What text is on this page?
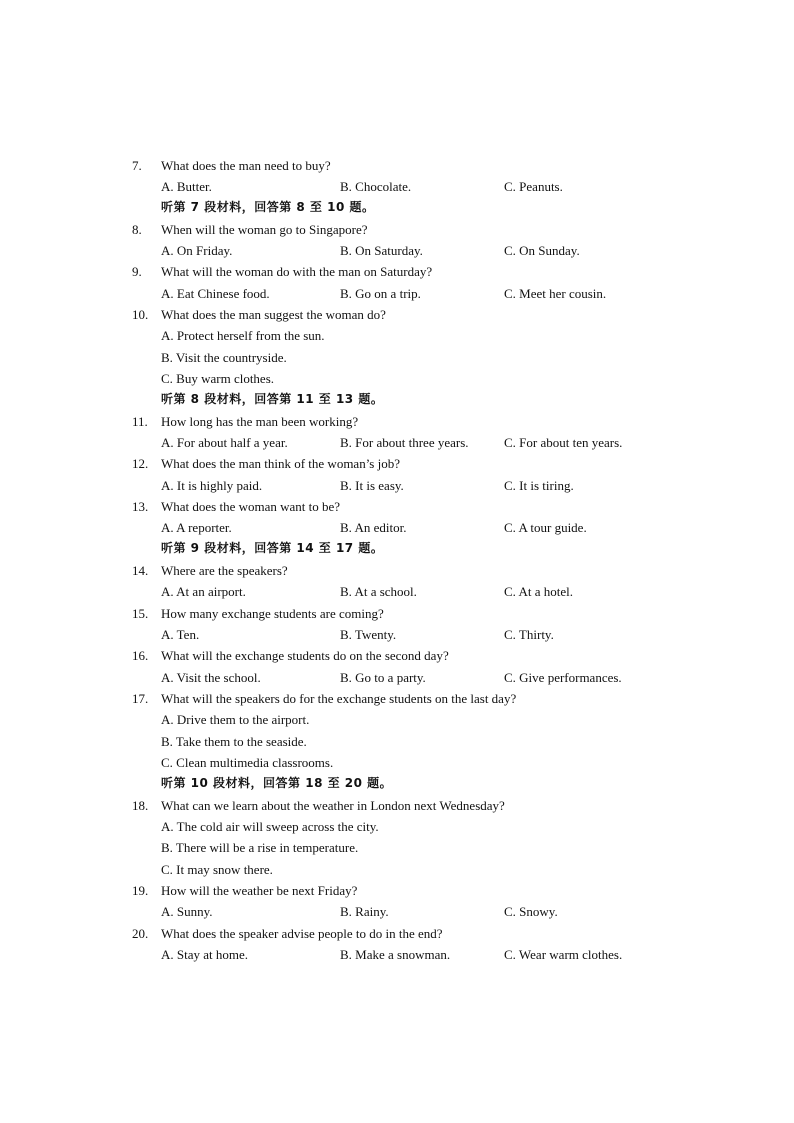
7. What does the man need to buy?
A. Butter.	B. Chocolate.	C. Peanuts.
听第 7 段材料，回答第 8 至 10 题。
8. When will the woman go to Singapore?
A. On Friday.	B. On Saturday.	C. On Sunday.
9. What will the woman do with the man on Saturday?
A. Eat Chinese food.	B. Go on a trip.	C. Meet her cousin.
10. What does the man suggest the woman do?
A. Protect herself from the sun.
B. Visit the countryside.
C. Buy warm clothes.
听第 8 段材料，回答第 11 至 13 题。
11. How long has the man been working?
A. For about half a year.	B. For about three years.	C. For about ten years.
12. What does the man think of the woman’s job?
A. It is highly paid.	B. It is easy.	C. It is tiring.
13. What does the woman want to be?
A. A reporter.	B. An editor.	C. A tour guide.
听第 9 段材料，回答第 14 至 17 题。
14. Where are the speakers?
A. At an airport.	B. At a school.	C. At a hotel.
15. How many exchange students are coming?
A. Ten.	B. Twenty.	C. Thirty.
16. What will the exchange students do on the second day?
A. Visit the school.	B. Go to a party.	C. Give performances.
17. What will the speakers do for the exchange students on the last day?
A. Drive them to the airport.
B. Take them to the seaside.
C. Clean multimedia classrooms.
听第 10 段材料，回答第 18 至 20 题。
18. What can we learn about the weather in London next Wednesday?
A. The cold air will sweep across the city.
B. There will be a rise in temperature.
C. It may snow there.
19. How will the weather be next Friday?
A. Sunny.	B. Rainy.	C. Snowy.
20. What does the speaker advise people to do in the end?
A. Stay at home.	B. Make a snowman.	C. Wear warm clothes.
